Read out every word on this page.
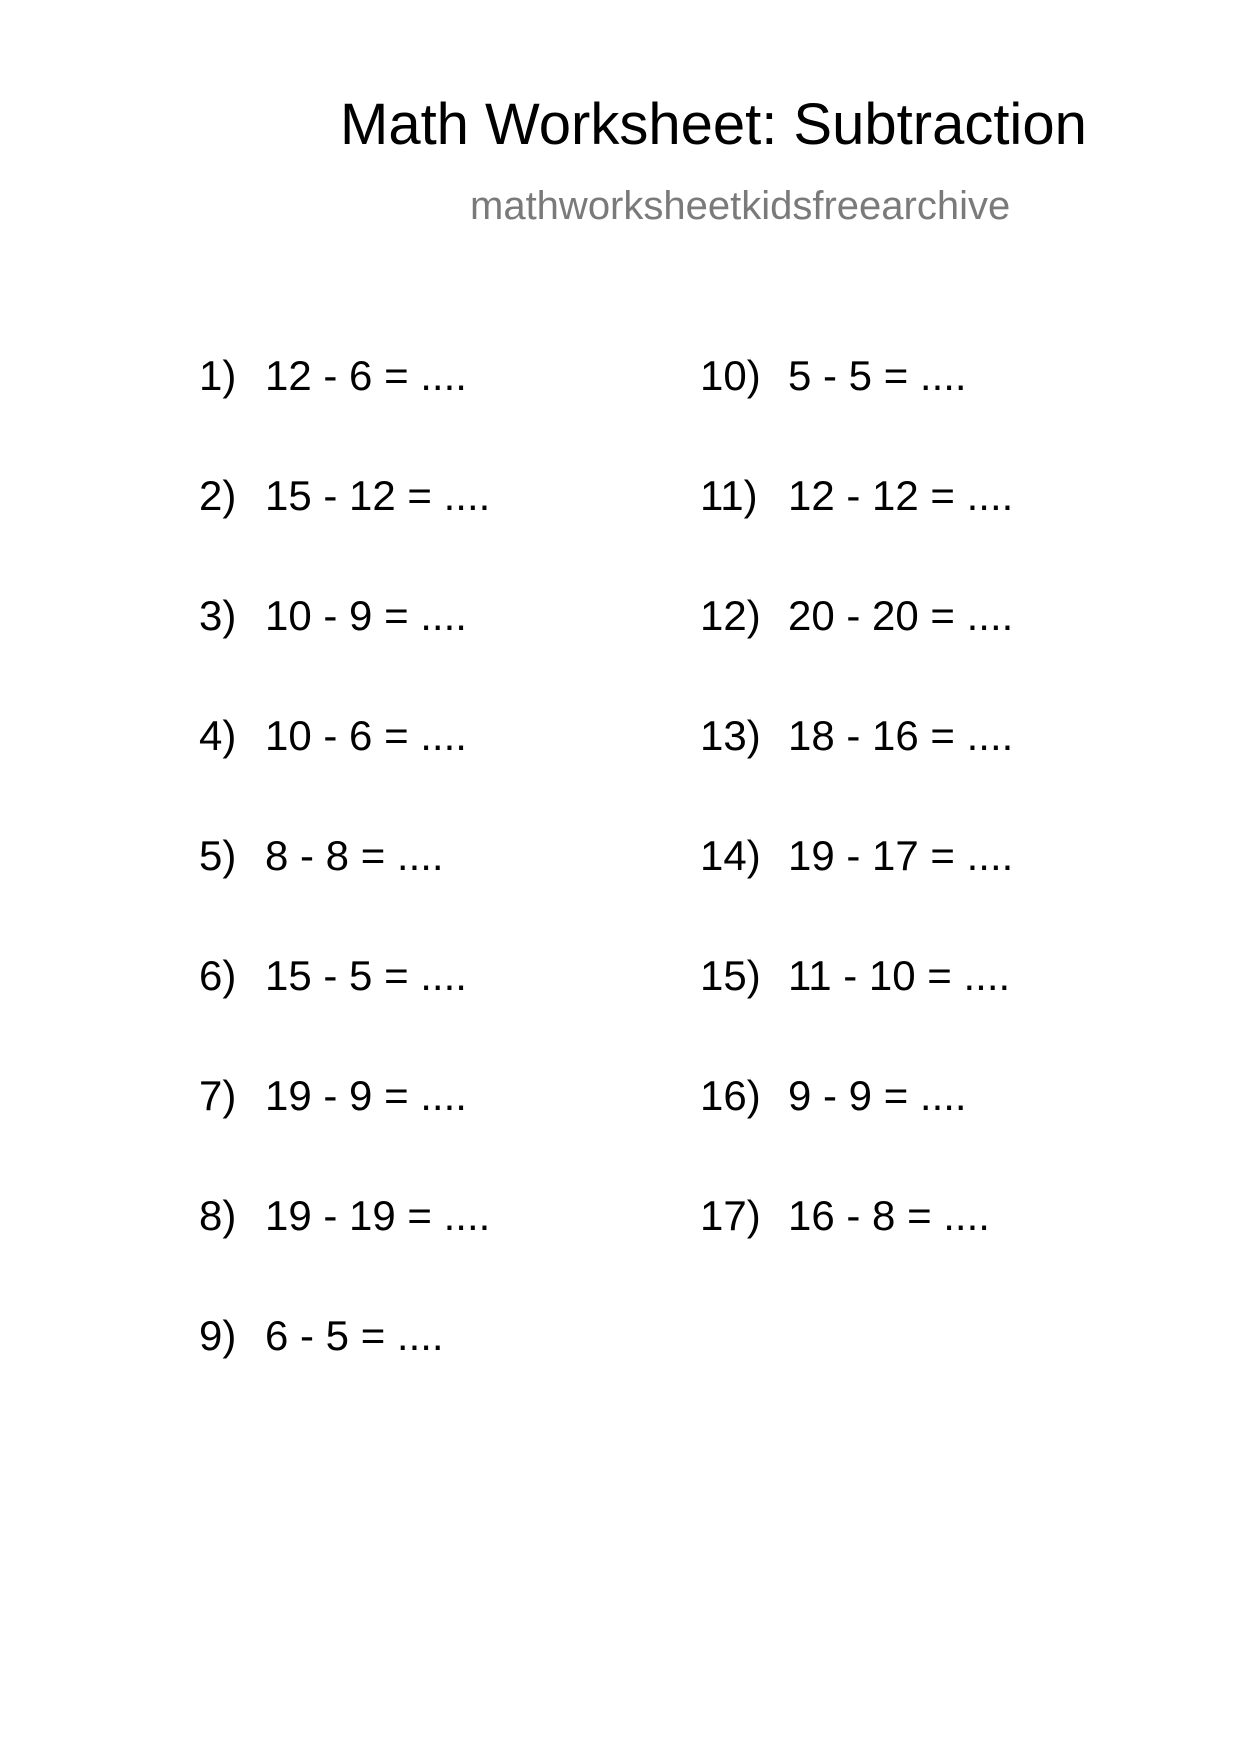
Math Worksheet: Subtraction
mathworksheetkidsfreearchive
1) 12 - 6 = ....
2) 15 - 12 = ....
3) 10 - 9 = ....
4) 10 - 6 = ....
5) 8 - 8 = ....
6) 15 - 5 = ....
7) 19 - 9 = ....
8) 19 - 19 = ....
9) 6 - 5 = ....
10) 5 - 5 = ....
11) 12 - 12 = ....
12) 20 - 20 = ....
13) 18 - 16 = ....
14) 19 - 17 = ....
15) 11 - 10 = ....
16) 9 - 9 = ....
17) 16 - 8 = ....
